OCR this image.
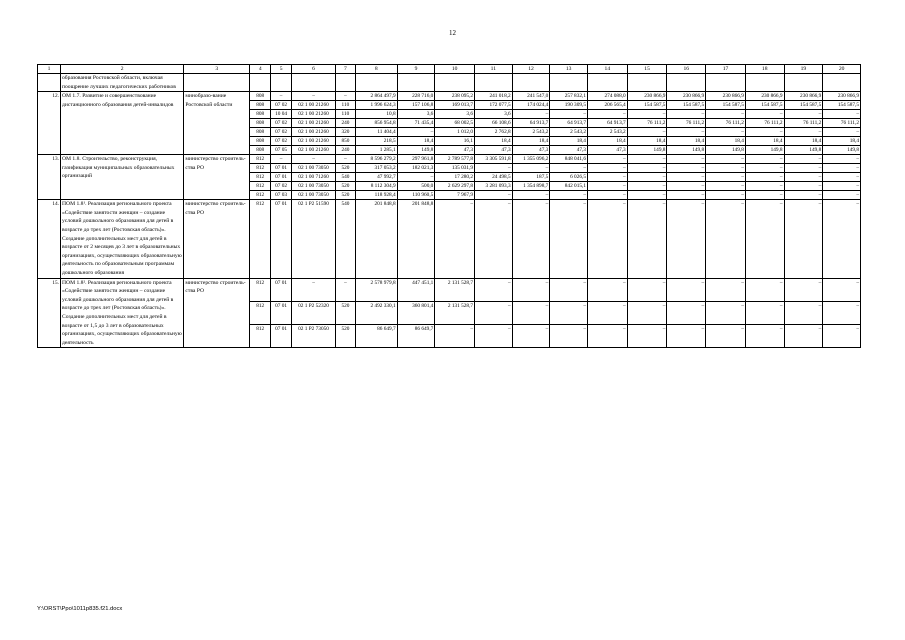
12
1	2	3	4	5	6	7	8	9	10	11	12	13	14	15	16	17	18	19	20
	образования Ростовской области, включая поощрение лучших педагогических работников																		
12.	ОМ 1.7. Развитие и совершенствование дистанционного образования детей-инвалидов	минобразо-вание Ростовской области	808	–	–	–	2 864 497,9	228 716,0	238 095,2	241 018,2	241 547,0	257 832,1	274 088,0	230 866,9	230 866,9	230 866,9	230 866,9	230 866,9	230 866,9
			808	07 02	02 1 00 21260	110	1 996 624,3	157 106,8	169 013,7	172 077,5	174 024,4	190 309,5	206 565,4	154 587,5	154 587,5	154 587,5	154 587,5	154 587,5	154 587,5
			808	10 04	02 1 00 21260	110	10,8	3,6	3,6	3,6	–	–	–	–	–	–	–	–	–
			808	07 02	02 1 00 21260	240	856 954,8	71 435,4	68 002,5	66 108,6	64 913,7	64 913,7	64 913,7	76 111,2	76 111,2	76 111,2	76 111,2	76 111,2	76 111,2
			808	07 02	02 1 00 21260	320	11 404,4	–	1 012,0	2 762,8	2 543,2	2 543,2	2 543,2	–	–	–	–	–	–
			808	07 02	02 1 00 21260	850	218,5	18,4	16,1	18,4	18,4	18,4	18,4	18,4	18,4	18,4	18,4	18,4	18,4
			808	07 05	02 1 00 21260	240	1 285,1	149,8	47,3	47,3	47,3	47,3	47,3	149,8	149,8	149,8	149,8	149,8	149,8
13.	ОМ 1.8. Строительство, реконструкция, газификация муниципальных образовательных организаций	министерство строитель-ства РО	812	–	–	–	8 596 279,2	297 961,8	2 789 577,8	3 305 591,8	1 355 096,2	848 041,6	–	–	–	–	–	–	–
			812	07 01	02 1 00 73050	520	317 053,2	182 021,3	135 031,9	–	–	–	–	–	–	–	–	–	–
			812	07 01	02 1 00 71260	540	47 992,7	–	17 280,2	24 498,5	187,5	6 026,5	–	–	–	–	–	–	–
			812	07 02	02 1 00 73050	520	8 112 304,9	500,0	2 629 297,8	3 281 093,3	1 354 898,7	842 015,1	–	–	–	–	–	–	–
			812	07 03	02 1 00 73050	520	118 928,4	110 960,5	7 967,9	–	–	–	–	–	–	–	–	–	–
14.	ПОМ 1.8¹. Реализация регионального проекта «Содействие занятости женщин – создание условий дошкольного образования для детей в возрасте до трех лет (Ростовская область)». Создание дополнительных мест для детей в возрасте от 2 месяцев до 3 лет в образовательных организациях, осуществляющих образовательную деятельность по образовательным программам дошкольного образования	министерство строитель-ства РО	812	07 01	02 1 Р2 51590	540	201 848,8	201 848,8	–	–	–	–	–	–	–	–	–	–	–
15.	ПОМ 1.8². Реализация регионального проекта «Содействие занятости женщин – создание условий дошкольного образования для детей в возрасте до трех лет (Ростовская область)». Создание дополнительных мест для детей в возрасте от 1,5 до 3 лет в образовательных организациях, осуществляющих образовательную деятельность	министерство строитель-ства РО	812	07 01	–	–	2 578 979,8	447 451,1	2 131 528,7	–	–	–	–	–	–	–	–	–	–
			812	07 01	02 1 Р2 52320	520	2 492 330,1	360 801,4	2 131 528,7	–	–	–	–	–	–	–	–	–	–
			812	07 01	02 1 Р2 73050	520	86 649,7	86 649,7	–	–	–	–	–	–	–	–	–	–	–
Y:\ORST\Ppo\1011p835.f21.docx
